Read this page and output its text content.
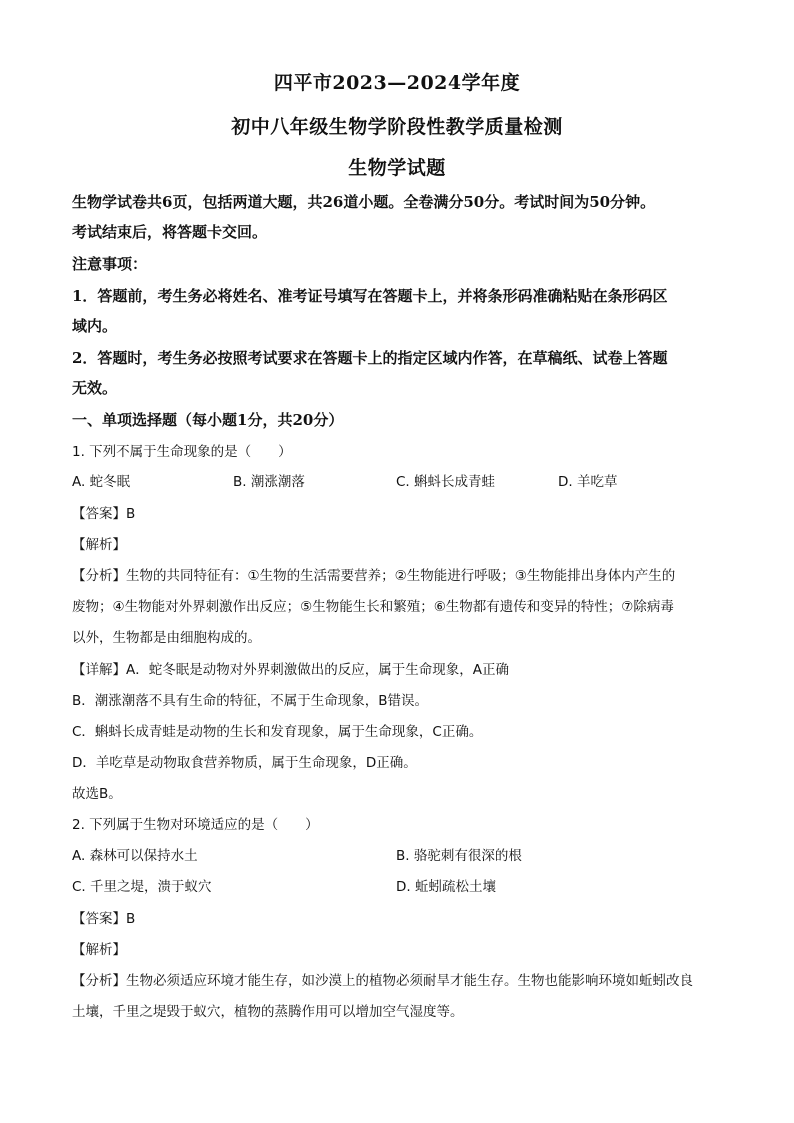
四平市2023—2024学年度
初中八年级生物学阶段性教学质量检测
生物学试题
生物学试卷共6页，包括两道大题，共26道小题。全卷满分50分。考试时间为50分钟。
考试结束后，将答题卡交回。
注意事项：
1．答题前，考生务必将姓名、准考证号填写在答题卡上，并将条形码准确粘贴在条形码区
域内。
2．答题时，考生务必按照考试要求在答题卡上的指定区域内作答，在草稿纸、试卷上答题
无效。
一、单项选择题（每小题1分，共20分）
1. 下列不属于生命现象的是（　　）
A. 蛇冬眠	B. 潮涨潮落	C. 蝌蚪长成青蛙	D. 羊吃草
【答案】B
【解析】
【分析】生物的共同特征有：①生物的生活需要营养；②生物能进行呼吸；③生物能排出身体内产生的
废物；④生物能对外界刺激作出反应；⑤生物能生长和繁殖；⑥生物都有遗传和变异的特性；⑦除病毒
以外，生物都是由细胞构成的。
【详解】A．蛇冬眠是动物对外界刺激做出的反应，属于生命现象，A正确
B．潮涨潮落不具有生命的特征，不属于生命现象，B错误。
C．蝌蚪长成青蛙是动物的生长和发育现象，属于生命现象，C正确。
D．羊吃草是动物取食营养物质，属于生命现象，D正确。
故选B。
2. 下列属于生物对环境适应的是（　　）
A. 森林可以保持水土	B. 骆驼刺有很深的根
C. 千里之堤，溃于蚁穴	D. 蚯蚓疏松土壤
【答案】B
【解析】
【分析】生物必须适应环境才能生存，如沙漠上的植物必须耐旱才能生存。生物也能影响环境如蚯蚓改良
土壤，千里之堤毁于蚁穴，植物的蒸腾作用可以增加空气湿度等。
